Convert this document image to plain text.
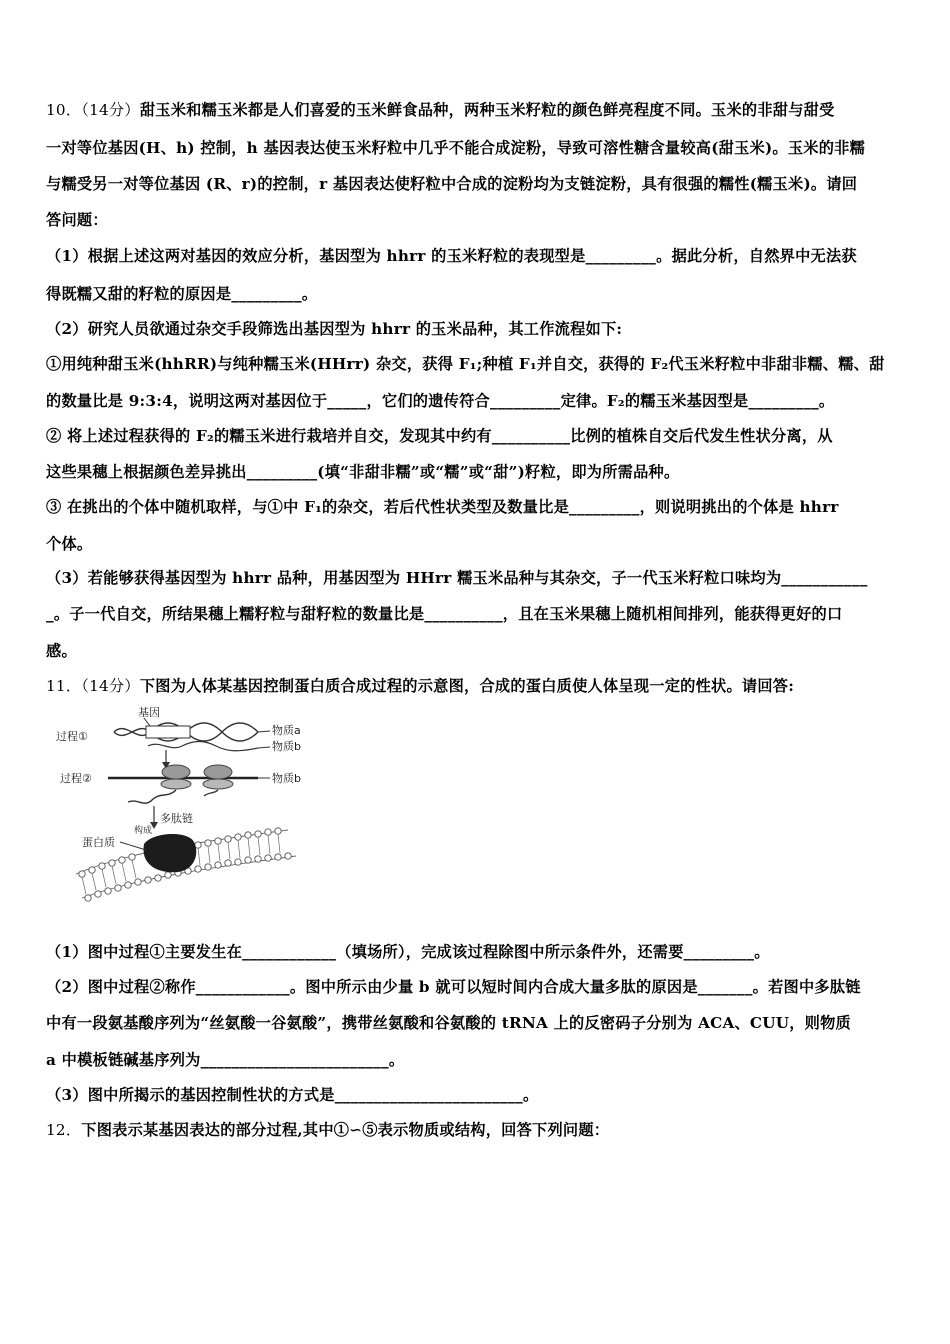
10．（14分）甜玉米和糯玉米都是人们喜爱的玉米鲜食品种，两种玉米籽粒的颜色鲜亮程度不同。玉米的非甜与甜受
一对等位基因(H、h) 控制，h 基因表达使玉米籽粒中几乎不能合成淀粉，导致可溶性糖含量较高(甜玉米)。玉米的非糯
与糯受另一对等位基因 (R、r)的控制，r 基因表达使籽粒中合成的淀粉均为支链淀粉，具有很强的糯性(糯玉米)。请回
答问题：
（1）根据上述这两对基因的效应分析，基因型为 hhrr 的玉米籽粒的表现型是_________。据此分析，自然界中无法获
得既糯又甜的籽粒的原因是_________。
（2）研究人员欲通过杂交手段筛选出基因型为 hhrr 的玉米品种，其工作流程如下:
①用纯种甜玉米(hhRR)与纯种糯玉米(HHrr) 杂交，获得 F₁;种植 F₁并自交，获得的 F₂代玉米籽粒中非甜非糯、糯、甜
的数量比是 9:3:4，说明这两对基因位于_____，它们的遗传符合_________定律。F₂的糯玉米基因型是_________。
② 将上述过程获得的 F₂的糯玉米进行栽培并自交，发现其中约有__________比例的植株自交后代发生性状分离，从
这些果穗上根据颜色差异挑出_________(填“非甜非糯”或“糯”或“甜”)籽粒，即为所需品种。
③ 在挑出的个体中随机取样，与①中 F₁的杂交，若后代性状类型及数量比是_________，则说明挑出的个体是 hhrr
个体。
（3）若能够获得基因型为 hhrr 品种，用基因型为 HHrr 糯玉米品种与其杂交，子一代玉米籽粒口味均为___________
_。子一代自交，所结果穗上糯籽粒与甜籽粒的数量比是__________，且在玉米果穗上随机相间排列，能获得更好的口
感。
11．（14分）下图为人体某基因控制蛋白质合成过程的示意图，合成的蛋白质使人体呈现一定的性状。请回答:
基因
过程①
过程②
物质a
物质b
物质b
多肽链
构成
蛋白质
（1）图中过程①主要发生在____________（填场所），完成该过程除图中所示条件外，还需要_________。
（2）图中过程②称作____________。图中所示由少量 b 就可以短时间内合成大量多肽的原因是_______。若图中多肽链
中有一段氨基酸序列为“丝氨酸一谷氨酸”，携带丝氨酸和谷氨酸的 tRNA 上的反密码子分别为 ACA、CUU，则物质
a 中模板链碱基序列为________________________。
（3）图中所揭示的基因控制性状的方式是________________________。
12．下图表示某基因表达的部分过程,其中①∽⑤表示物质或结构，回答下列问题：
